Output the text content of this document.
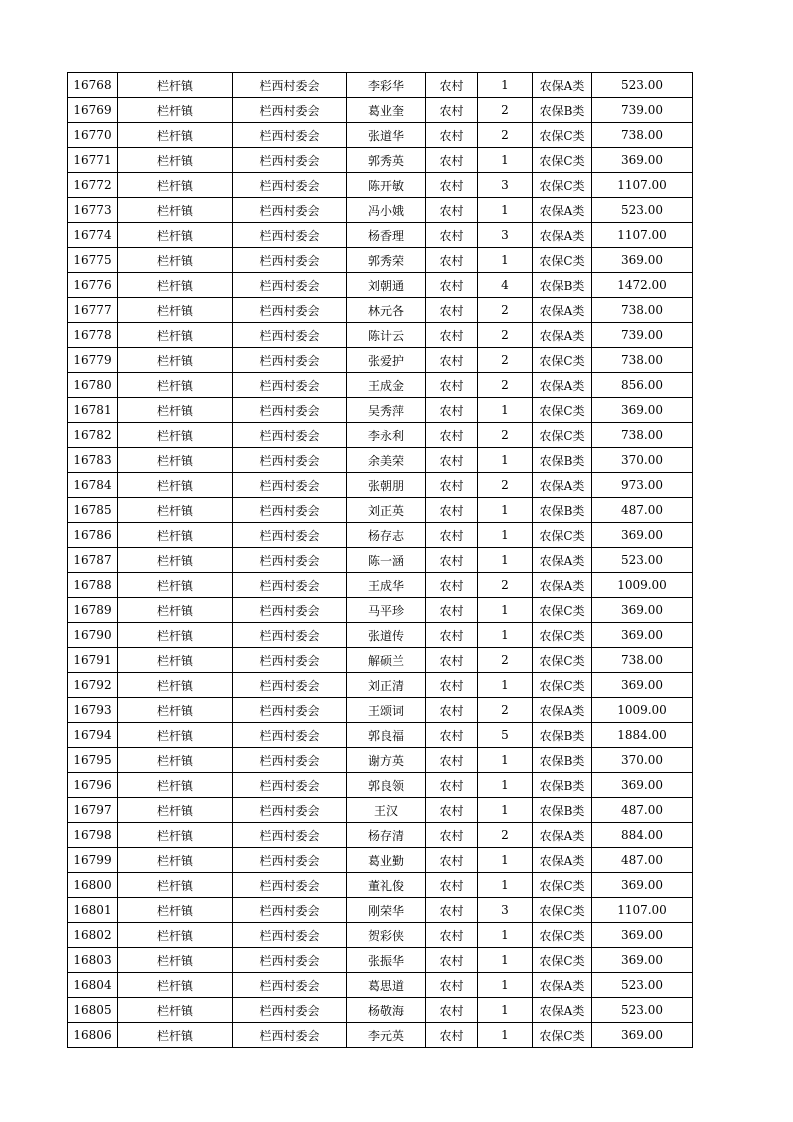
16768	栏杆镇	栏西村委会	李彩华	农村	1	农保A类	523.00
16769	栏杆镇	栏西村委会	葛业奎	农村	2	农保B类	739.00
16770	栏杆镇	栏西村委会	张道华	农村	2	农保C类	738.00
16771	栏杆镇	栏西村委会	郭秀英	农村	1	农保C类	369.00
16772	栏杆镇	栏西村委会	陈开敏	农村	3	农保C类	1107.00
16773	栏杆镇	栏西村委会	冯小娥	农村	1	农保A类	523.00
16774	栏杆镇	栏西村委会	杨香理	农村	3	农保A类	1107.00
16775	栏杆镇	栏西村委会	郭秀荣	农村	1	农保C类	369.00
16776	栏杆镇	栏西村委会	刘朝通	农村	4	农保B类	1472.00
16777	栏杆镇	栏西村委会	林元各	农村	2	农保A类	738.00
16778	栏杆镇	栏西村委会	陈计云	农村	2	农保A类	739.00
16779	栏杆镇	栏西村委会	张爱护	农村	2	农保C类	738.00
16780	栏杆镇	栏西村委会	王成金	农村	2	农保A类	856.00
16781	栏杆镇	栏西村委会	吴秀萍	农村	1	农保C类	369.00
16782	栏杆镇	栏西村委会	李永利	农村	2	农保C类	738.00
16783	栏杆镇	栏西村委会	余美荣	农村	1	农保B类	370.00
16784	栏杆镇	栏西村委会	张朝朋	农村	2	农保A类	973.00
16785	栏杆镇	栏西村委会	刘正英	农村	1	农保B类	487.00
16786	栏杆镇	栏西村委会	杨存志	农村	1	农保C类	369.00
16787	栏杆镇	栏西村委会	陈一涵	农村	1	农保A类	523.00
16788	栏杆镇	栏西村委会	王成华	农村	2	农保A类	1009.00
16789	栏杆镇	栏西村委会	马平珍	农村	1	农保C类	369.00
16790	栏杆镇	栏西村委会	张道传	农村	1	农保C类	369.00
16791	栏杆镇	栏西村委会	解硕兰	农村	2	农保C类	738.00
16792	栏杆镇	栏西村委会	刘正清	农村	1	农保C类	369.00
16793	栏杆镇	栏西村委会	王颂词	农村	2	农保A类	1009.00
16794	栏杆镇	栏西村委会	郭良福	农村	5	农保B类	1884.00
16795	栏杆镇	栏西村委会	谢方英	农村	1	农保B类	370.00
16796	栏杆镇	栏西村委会	郭良领	农村	1	农保B类	369.00
16797	栏杆镇	栏西村委会	王汉	农村	1	农保B类	487.00
16798	栏杆镇	栏西村委会	杨存清	农村	2	农保A类	884.00
16799	栏杆镇	栏西村委会	葛业勤	农村	1	农保A类	487.00
16800	栏杆镇	栏西村委会	董礼俊	农村	1	农保C类	369.00
16801	栏杆镇	栏西村委会	刚荣华	农村	3	农保C类	1107.00
16802	栏杆镇	栏西村委会	贺彩侠	农村	1	农保C类	369.00
16803	栏杆镇	栏西村委会	张振华	农村	1	农保C类	369.00
16804	栏杆镇	栏西村委会	葛思道	农村	1	农保A类	523.00
16805	栏杆镇	栏西村委会	杨敬海	农村	1	农保A类	523.00
16806	栏杆镇	栏西村委会	李元英	农村	1	农保C类	369.00
